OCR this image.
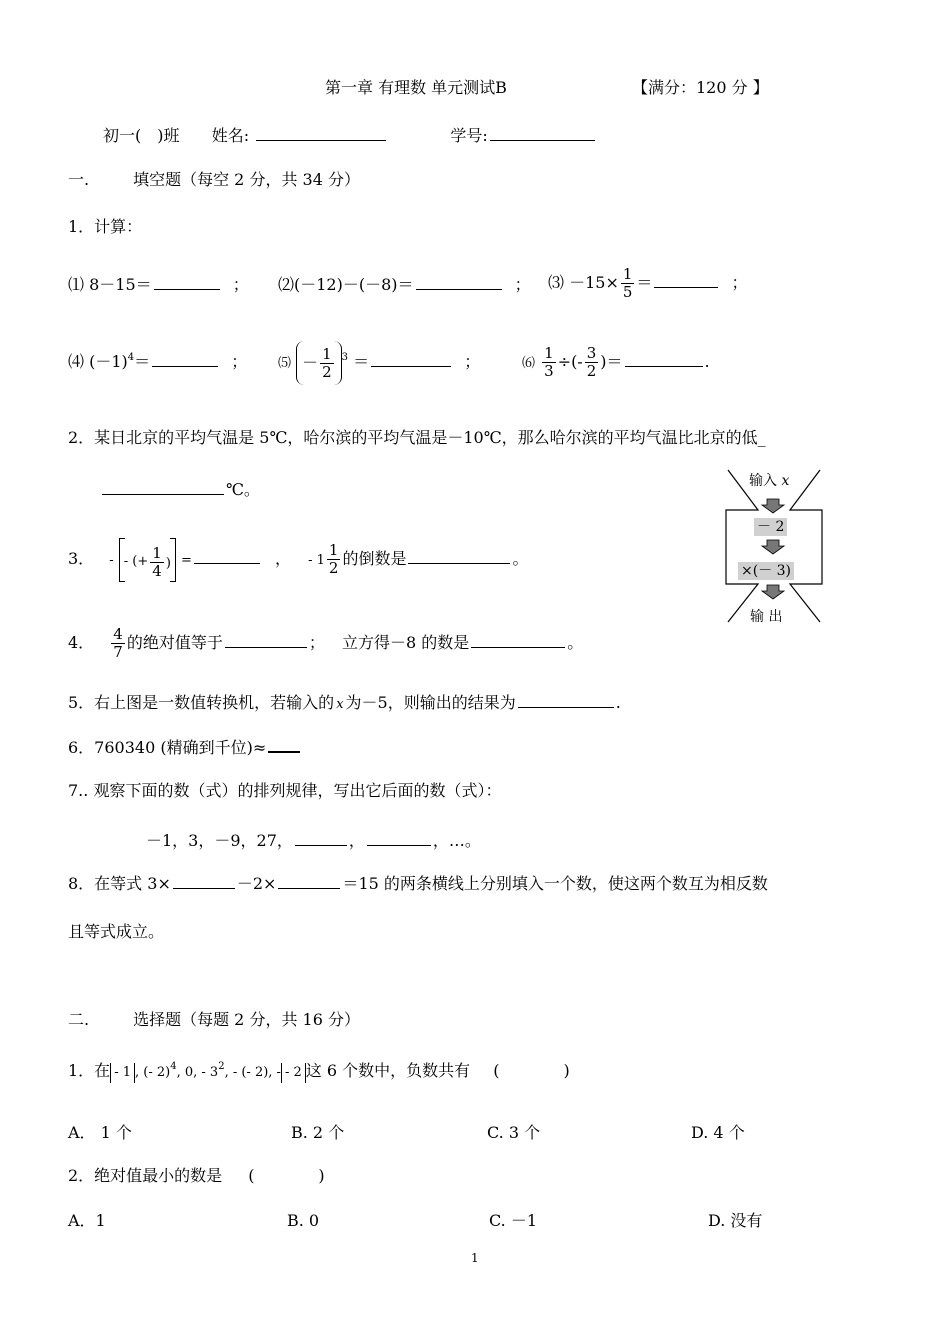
第一章 有理数 单元测试B	【满分：120 分 】
初一(　)班 姓名:	学号:
一.	填空题（每空 2 分，共 34 分）
1．计算：
⑴ 8－15＝	； ⑵(－12)－(－8)＝	； ⑶ $-15\times \frac{1}{5}$ ＝	；
⑷ $(-1)^4=$	； ⑸ － $\frac{1}{2} ^3$ ＝	；	⑹ $\frac{1}{3}$ ÷(- $\frac{3}{2}$ )＝	.
2．某日北京的平均气温是 5℃，哈尔滨的平均气温是－10℃，那么哈尔滨的平均气温比北京的低_
℃。	输入 x
－ 2
×(－ 3)
输 出
3． - - (+ $\frac{1}{4}$ ) =	， - $1 \frac{1}{2}$ 的倒数是	。
4． $\frac{4}{7}$ 的绝对值等于	； 立方得－8 的数是	。
5．右上图是一数值转换机，若输入的 x 为－5，则输出的结果为	.
6．760340 (精确到千位)≈
7.. 观察下面的数（式）的排列规律，写出它后面的数（式）：
－1，3，－9，27，	，	，…。
8．在等式 3×	－2×	＝15 的两条横线上分别填入一个数，使这两个数互为相反数
且等式成立。
二.	选择题（每题 2 分，共 16 分）
1．在 - 1 , (- 2)$^4$, 0, - $3^2$, - (- 2), - - 2 这 6 个数中，负数共有 (　　　　)
A． 1 个	B. 2 个	C. 3 个	D. 4 个
2．绝对值最小的数是 (　　　　)
A．1	B. 0	C. －1	D. 没有
1
